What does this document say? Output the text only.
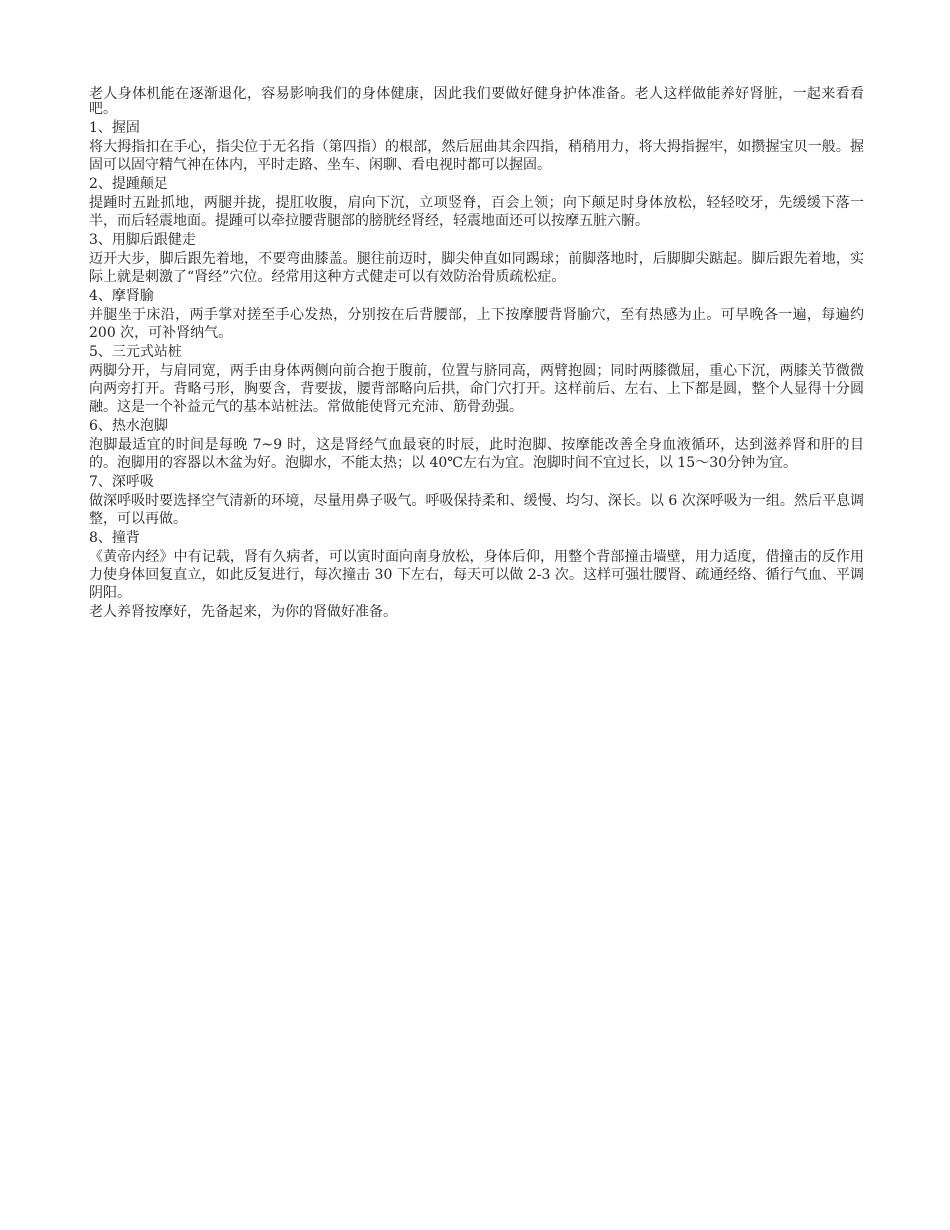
老人身体机能在逐渐退化，容易影响我们的身体健康，因此我们要做好健身护体准备。老人这样做能养好肾脏，一起来看看吧。

1、握固

将大拇指扣在手心，指尖位于无名指（第四指）的根部，然后屈曲其余四指，稍稍用力，将大拇指握牢，如攒握宝贝一般。握固可以固守精气神在体内，平时走路、坐车、闲聊、看电视时都可以握固。

2、提踵颠足

提踵时五趾抓地，两腿并拢，提肛收腹，肩向下沉，立项竖脊，百会上领；向下颠足时身体放松，轻轻咬牙，先缓缓下落一半，而后轻震地面。提踵可以牵拉腰背腿部的膀胱经肾经，轻震地面还可以按摩五脏六腑。

3、用脚后跟健走

迈开大步，脚后跟先着地，不要弯曲膝盖。腿往前迈时，脚尖伸直如同踢球；前脚落地时，后脚脚尖踮起。脚后跟先着地，实际上就是刺激了“肾经”穴位。经常用这种方式健走可以有效防治骨质疏松症。

4、摩肾腧

并腿坐于床沿，两手掌对搓至手心发热，分别按在后背腰部，上下按摩腰背肾腧穴，至有热感为止。可早晚各一遍，每遍约 200 次，可补肾纳气。

5、三元式站桩

两脚分开，与肩同宽，两手由身体两侧向前合抱于腹前，位置与脐同高，两臂抱圆；同时两膝微屈，重心下沉，两膝关节微微向两旁打开。背略弓形，胸要含，背要拔，腰背部略向后拱，命门穴打开。这样前后、左右、上下都是圆，整个人显得十分圆融。这是一个补益元气的基本站桩法。常做能使肾元充沛、筋骨劲强。

6、热水泡脚

泡脚最适宜的时间是每晚 7~9 时，这是肾经气血最衰的时辰，此时泡脚、按摩能改善全身血液循环，达到滋养肾和肝的目的。泡脚用的容器以木盆为好。泡脚水，不能太热；以 40℃左右为宜。泡脚时间不宜过长，以 15～30分钟为宜。

7、深呼吸

做深呼吸时要选择空气清新的环境，尽量用鼻子吸气。呼吸保持柔和、缓慢、均匀、深长。以 6 次深呼吸为一组。然后平息调整，可以再做。

8、撞背

《黄帝内经》中有记载，肾有久病者，可以寅时面向南身放松，身体后仰，用整个背部撞击墙壁，用力适度，借撞击的反作用力使身体回复直立，如此反复进行，每次撞击 30 下左右，每天可以做 2-3 次。这样可强壮腰肾、疏通经络、循行气血、平调阴阳。

老人养肾按摩好，先备起来，为你的肾做好准备。
